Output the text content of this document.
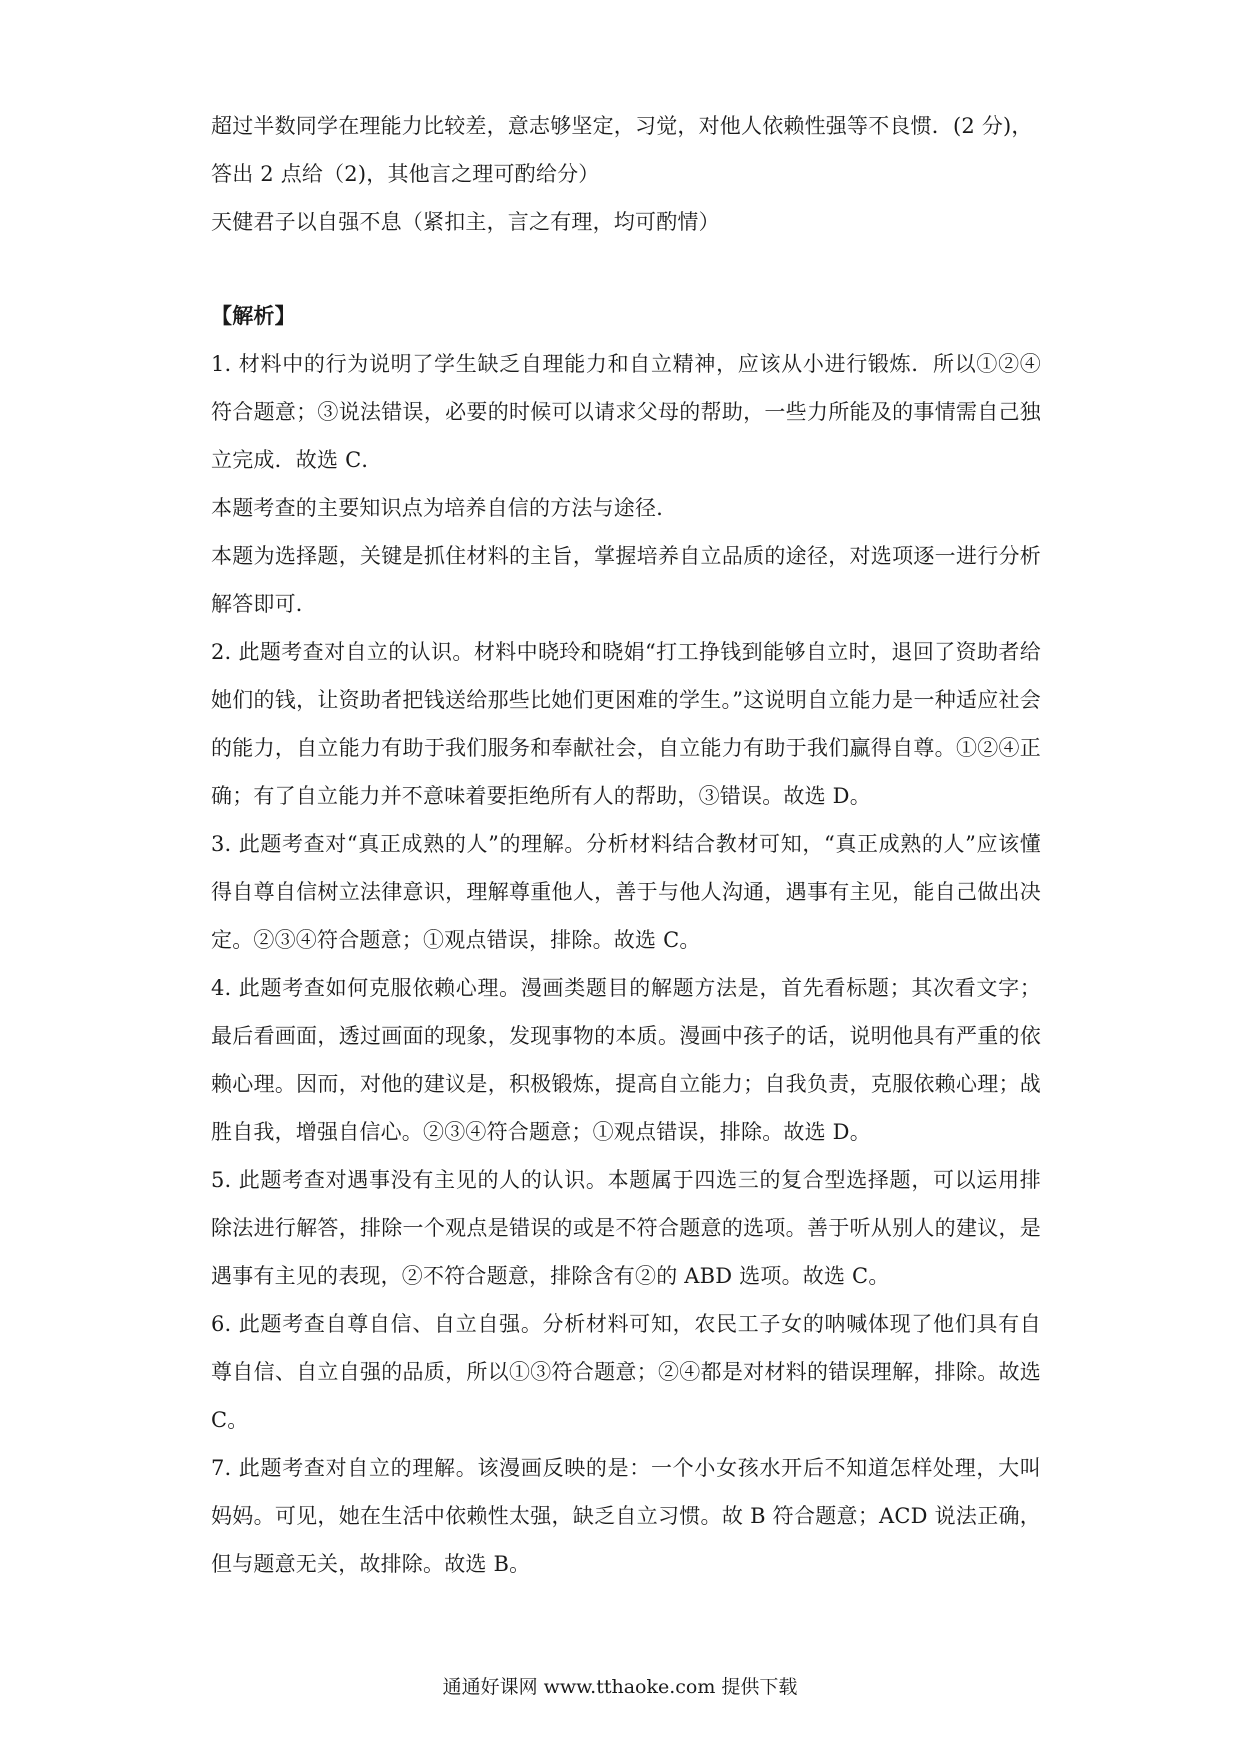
超过半数同学在理能力比较差，意志够坚定，习觉，对他人依赖性强等不良惯．(2 分)，

答出 2 点给（2)，其他言之理可酌给分）

天健君子以自强不息（紧扣主，言之有理，均可酌情）

【解析】

1. 材料中的行为说明了学生缺乏自理能力和自立精神，应该从小进行锻炼．所以①②④符合题意；③说法错误，必要的时候可以请求父母的帮助，一些力所能及的事情需自己独立完成．故选 C．

本题考查的主要知识点为培养自信的方法与途径．

本题为选择题，关键是抓住材料的主旨，掌握培养自立品质的途径，对选项逐一进行分析解答即可．

2. 此题考查对自立的认识。材料中晓玲和晓娟“打工挣钱到能够自立时，退回了资助者给她们的钱，让资助者把钱送给那些比她们更困难的学生。”这说明自立能力是一种适应社会的能力，自立能力有助于我们服务和奉献社会，自立能力有助于我们赢得自尊。①②④正确；有了自立能力并不意味着要拒绝所有人的帮助，③错误。故选 D。

3. 此题考查对“真正成熟的人”的理解。分析材料结合教材可知，“真正成熟的人”应该懂得自尊自信树立法律意识，理解尊重他人，善于与他人沟通，遇事有主见，能自己做出决定。②③④符合题意；①观点错误，排除。故选 C。

4. 此题考查如何克服依赖心理。漫画类题目的解题方法是，首先看标题；其次看文字；最后看画面，透过画面的现象，发现事物的本质。漫画中孩子的话，说明他具有严重的依赖心理。因而，对他的建议是，积极锻炼，提高自立能力；自我负责，克服依赖心理；战胜自我，增强自信心。②③④符合题意；①观点错误，排除。故选 D。

5. 此题考查对遇事没有主见的人的认识。本题属于四选三的复合型选择题，可以运用排除法进行解答，排除一个观点是错误的或是不符合题意的选项。善于听从别人的建议，是遇事有主见的表现，②不符合题意，排除含有②的 ABD 选项。故选 C。

6. 此题考查自尊自信、自立自强。分析材料可知，农民工子女的呐喊体现了他们具有自尊自信、自立自强的品质，所以①③符合题意；②④都是对材料的错误理解，排除。故选 C。

7. 此题考查对自立的理解。该漫画反映的是：一个小女孩水开后不知道怎样处理，大叫妈妈。可见，她在生活中依赖性太强，缺乏自立习惯。故 B 符合题意；ACD 说法正确，但与题意无关，故排除。故选 B。

通通好课网 www.tthaoke.com 提供下载
